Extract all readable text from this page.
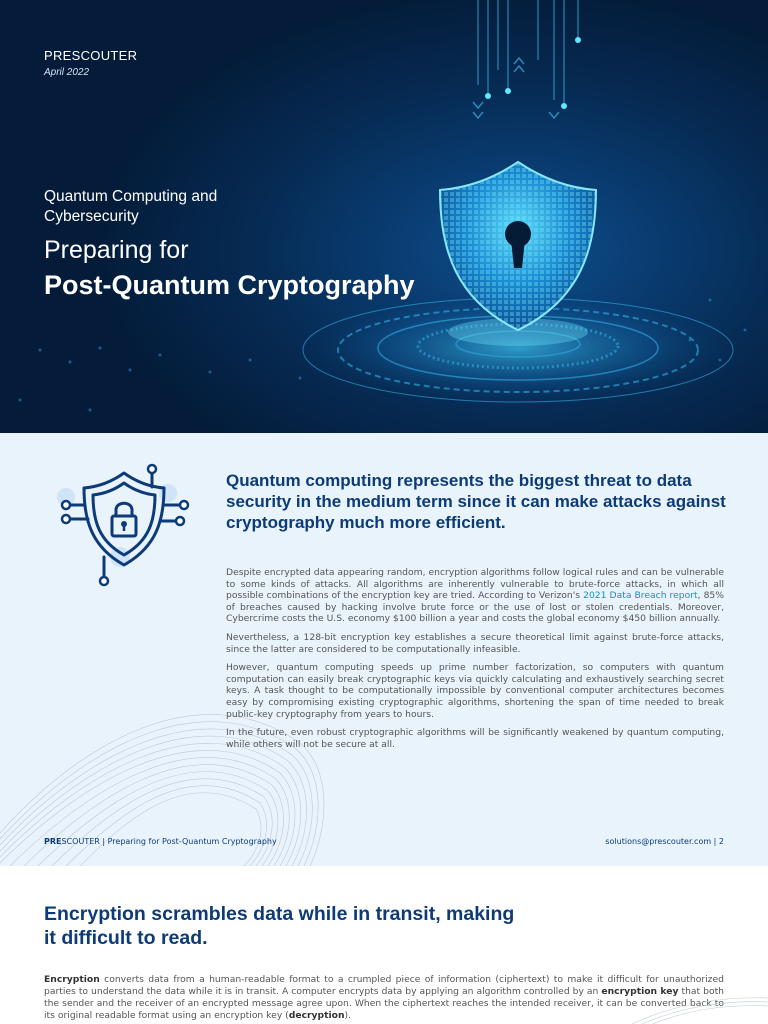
PRESCOUTER
April 2022
Quantum Computing and Cybersecurity
Preparing for
Post-Quantum Cryptography
Quantum computing represents the biggest threat to data security in the medium term since it can make attacks against cryptography much more efficient.

Despite encrypted data appearing random, encryption algorithms follow logical rules and can be vulnerable to some kinds of attacks. All algorithms are inherently vulnerable to brute-force attacks, in which all possible combinations of the encryption key are tried. According to Verizon's 2021 Data Breach report, 85% of breaches caused by hacking involve brute force or the use of lost or stolen credentials. Moreover, Cybercrime costs the U.S. economy $100 billion a year and costs the global economy $450 billion annually.

Nevertheless, a 128-bit encryption key establishes a secure theoretical limit against brute-force attacks, since the latter are considered to be computationally infeasible.

However, quantum computing speeds up prime number factorization, so computers with quantum computation can easily break cryptographic keys via quickly calculating and exhaustively searching secret keys. A task thought to be computationally impossible by conventional computer architectures becomes easy by compromising existing cryptographic algorithms, shortening the span of time needed to break public-key cryptography from years to hours.

In the future, even robust cryptographic algorithms will be significantly weakened by quantum computing, while others will not be secure at all.

PRESCOUTER | Preparing for Post-Quantum Cryptography	solutions@prescouter.com | 2
Encryption scrambles data while in transit, making it difficult to read.
Encryption converts data from a human-readable format to a crumpled piece of information (ciphertext) to make it difficult for unauthorized parties to understand the data while it is in transit. A computer encrypts data by applying an algorithm controlled by an encryption key that both the sender and the receiver of an encrypted message agree upon. When the ciphertext reaches the intended receiver, it can be converted back to its original readable format using an encryption key (decryption).
